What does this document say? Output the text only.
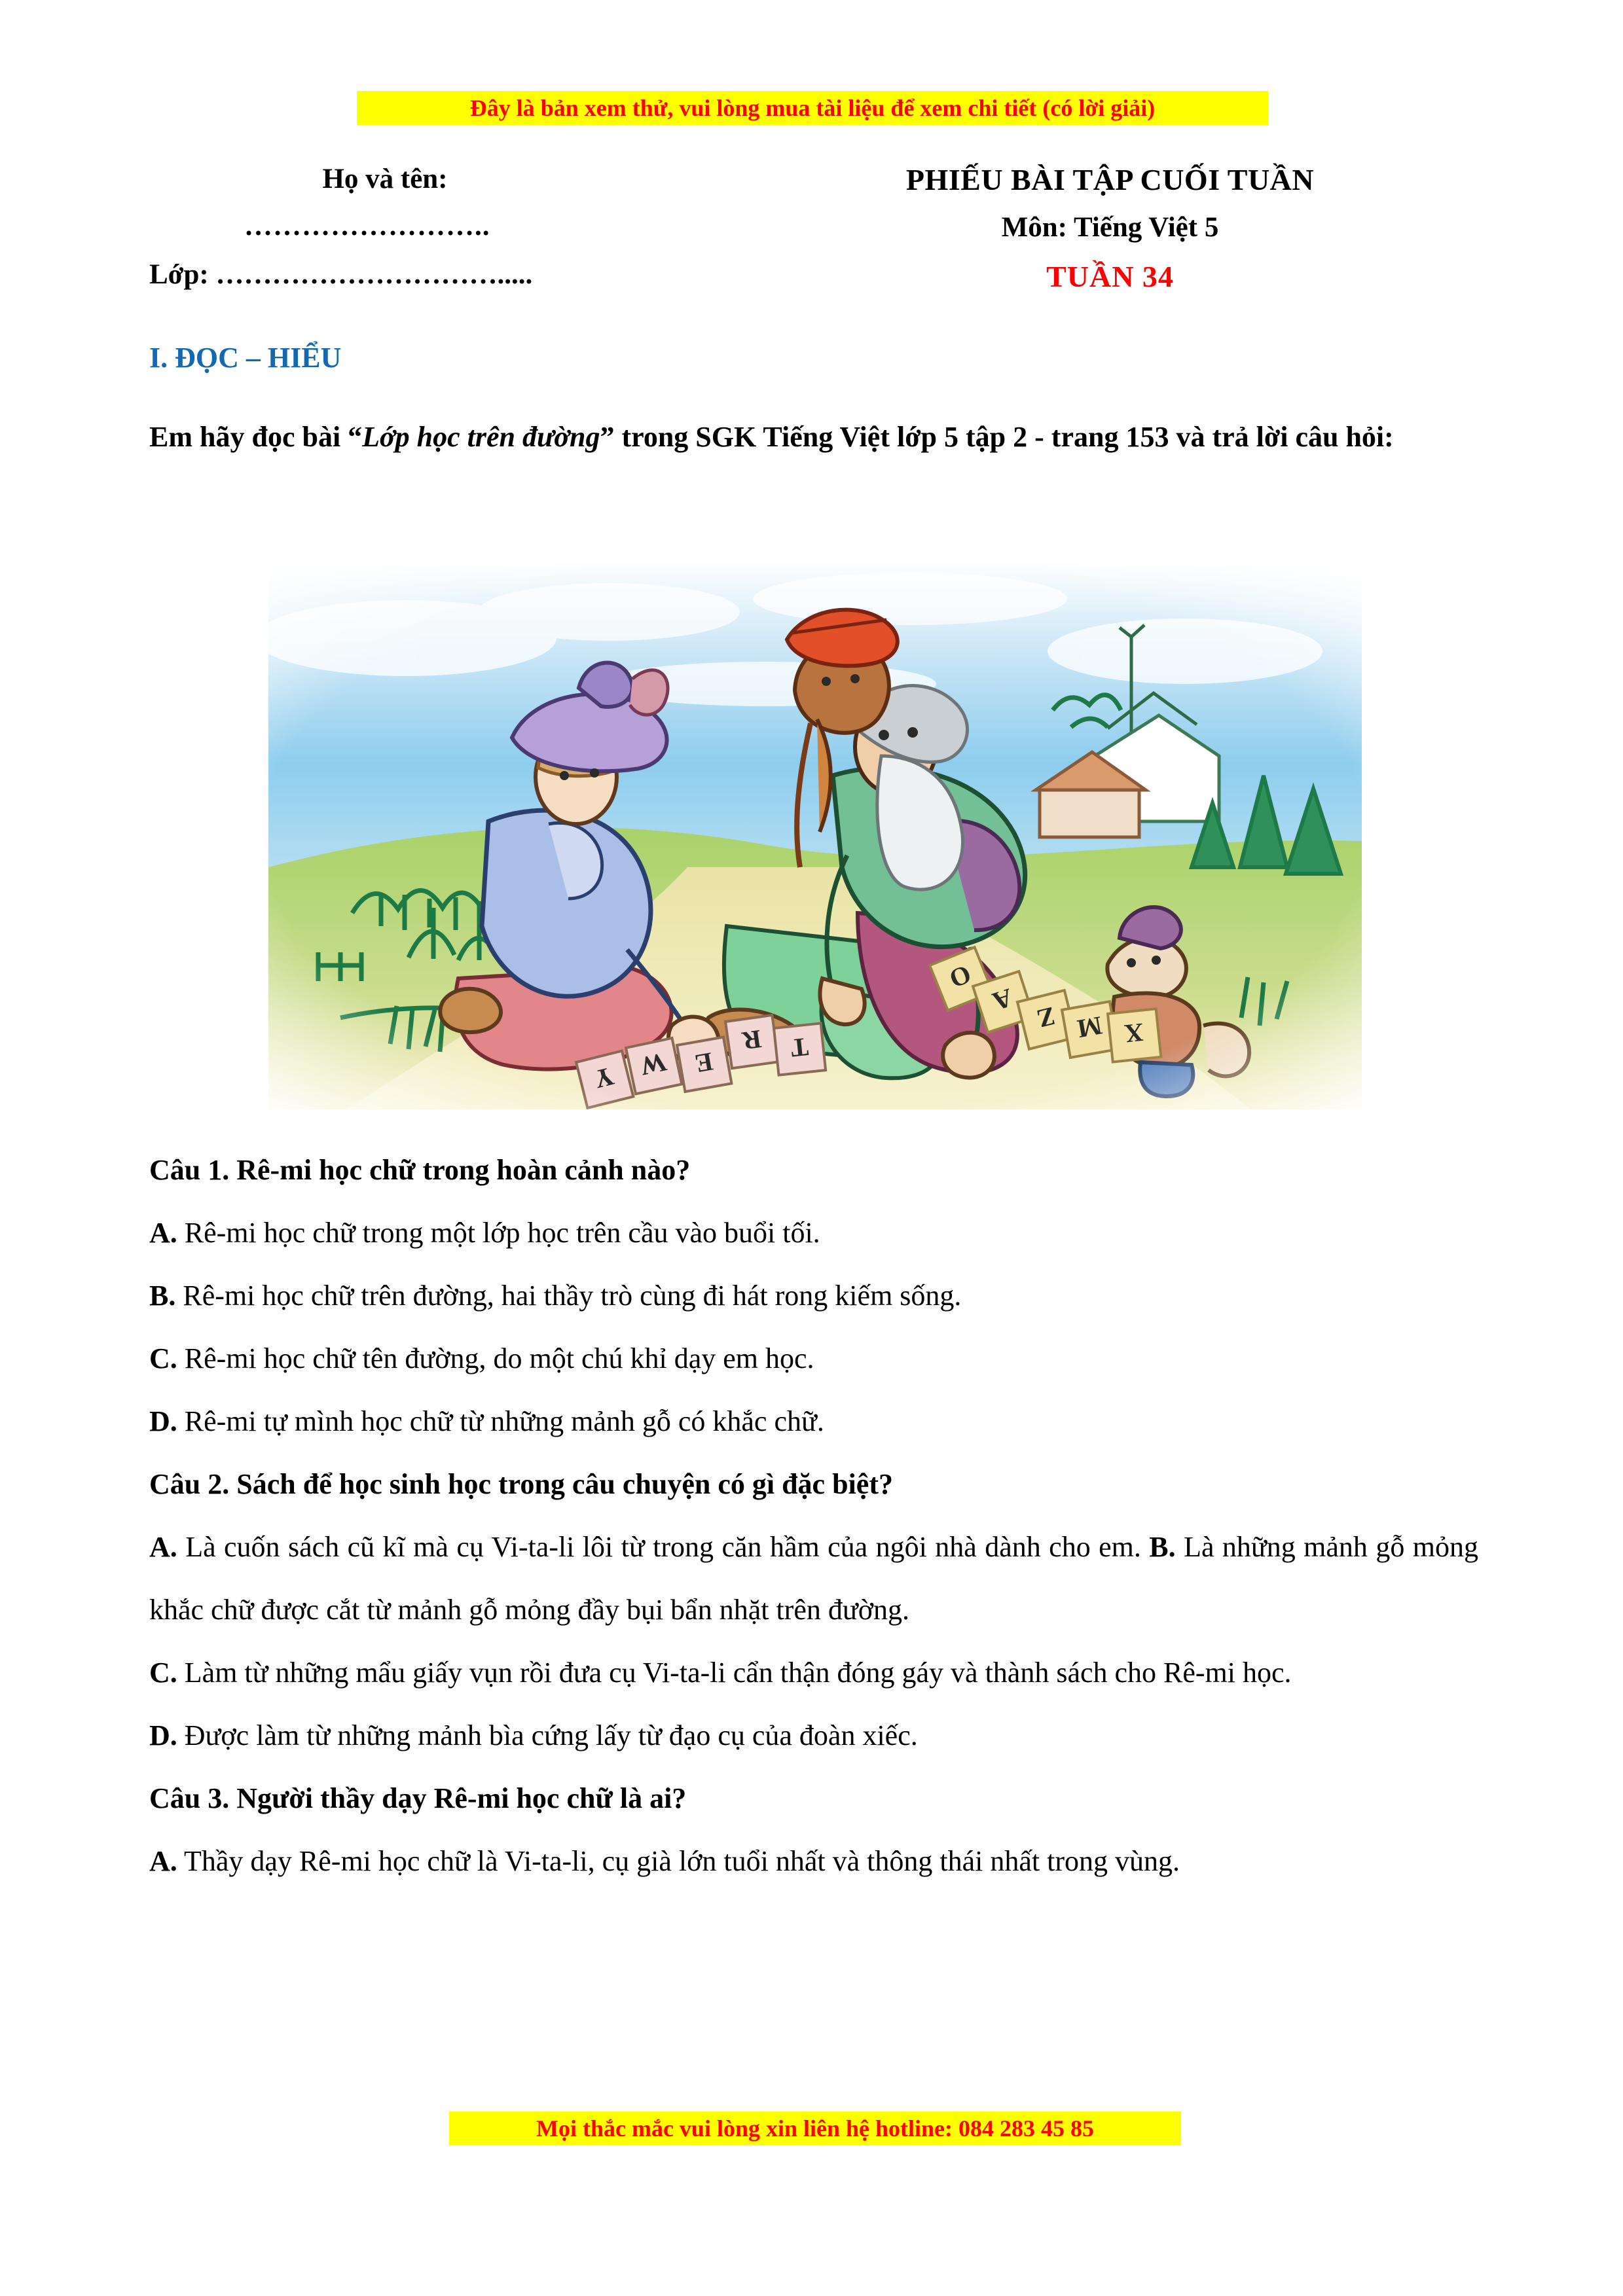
Đây là bản xem thử, vui lòng mua tài liệu để xem chi tiết (có lời giải)
Họ và tên:
……………………..
Lớp: ………………………….....
PHIẾU BÀI TẬP CUỐI TUẦN
Môn: Tiếng Việt 5
TUẦN 34
I. ĐỌC – HIỂU
Em hãy đọc bài “Lớp học trên đường” trong SGK Tiếng Việt lớp 5 tập 2 - trang 153 và trả lời câu hỏi:
Câu 1. Rê-mi học chữ trong hoàn cảnh nào?
A. Rê-mi học chữ trong một lớp học trên cầu vào buổi tối.
B. Rê-mi học chữ trên đường, hai thầy trò cùng đi hát rong kiếm sống.
C. Rê-mi học chữ tên đường, do một chú khỉ dạy em học.
D. Rê-mi tự mình học chữ từ những mảnh gỗ có khắc chữ.
Câu 2. Sách để học sinh học trong câu chuyện có gì đặc biệt?
A. Là cuốn sách cũ kĩ mà cụ Vi-ta-li lôi từ trong căn hầm của ngôi nhà dành cho em. B. Là những mảnh gỗ mỏng khắc chữ được cắt từ mảnh gỗ mỏng đầy bụi bẩn nhặt trên đường.
C. Làm từ những mẩu giấy vụn rồi đưa cụ Vi-ta-li cẩn thận đóng gáy và thành sách cho Rê-mi học.
D. Được làm từ những mảnh bìa cứng lấy từ đạo cụ của đoàn xiếc.
Câu 3. Người thầy dạy Rê-mi học chữ là ai?
A. Thầy dạy Rê-mi học chữ là Vi-ta-li, cụ già lớn tuổi nhất và thông thái nhất trong vùng.
Mọi thắc mắc vui lòng xin liên hệ hotline: 084 283 45 85
